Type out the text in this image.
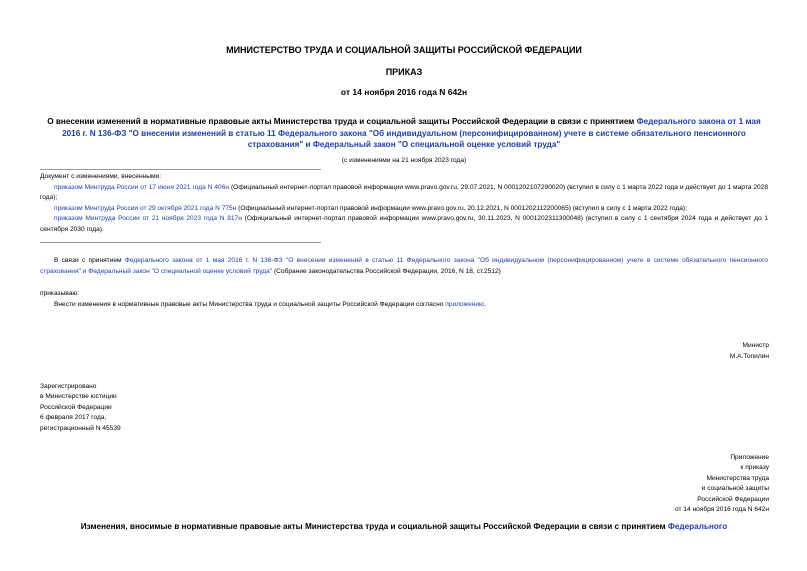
МИНИСТЕРСТВО ТРУДА И СОЦИАЛЬНОЙ ЗАЩИТЫ РОССИЙСКОЙ ФЕДЕРАЦИИ
ПРИКАЗ
от 14 ноября 2016 года N 642н
О внесении изменений в нормативные правовые акты Министерства труда и социальной защиты Российской Федерации в связи с принятием Федерального закона от 1 мая 2016 г. N 136-ФЗ "О внесении изменений в статью 11 Федерального закона "Об индивидуальном (персонифицированном) учете в системе обязательного пенсионного страхования" и Федеральный закон "О специальной оценке условий труда"
(с изменениями на 21 ноября 2023 года)
Документ с изменениями, внесенными:
приказом Минтруда России от 17 июня 2021 года N 406н (Официальный интернет-портал правовой информации www.pravo.gov.ru, 29.07.2021, N 0001202107290020) (вступил в силу с 1 марта 2022 года и действует до 1 марта 2028 года);
приказом Минтруда России от 29 октября 2021 года N 775н (Официальный интернет-портал правовой информации www.pravo.gov.ru, 20.12.2021, N 0001202112200065) (вступил в силу с 1 марта 2022 года);
приказом Минтруда России от 21 ноября 2023 года N 817н (Официальный интернет-портал правовой информации www.pravo.gov.ru, 30.11.2023, N 0001202311300048) (вступил в силу с 1 сентября 2024 года и действует до 1 сентября 2030 года).
В связи с принятием Федерального закона от 1 мая 2016 г. N 136-ФЗ "О внесении изменений в статью 11 Федерального закона "Об индивидуальном (персонифицированном) учете в системе обязательного пенсионного страхования" и Федеральный закон "О специальной оценке условий труда" (Собрание законодательства Российской Федерации, 2016, N 18, ст.2512)
приказываю:
Внести изменения в нормативные правовые акты Министерства труда и социальной защиты Российской Федерации согласно приложению.
Министр
М.А.Топилин
Зарегистрировано
в Министерстве юстиции
Российской Федерации
6 февраля 2017 года,
регистрационный N 45539
Приложение
к приказу
Министерства труда
и социальной защиты
Российской Федерации
от 14 ноября 2016 года N 642н
Изменения, вносимые в нормативные правовые акты Министерства труда и социальной защиты Российской Федерации в связи с принятием Федерального
